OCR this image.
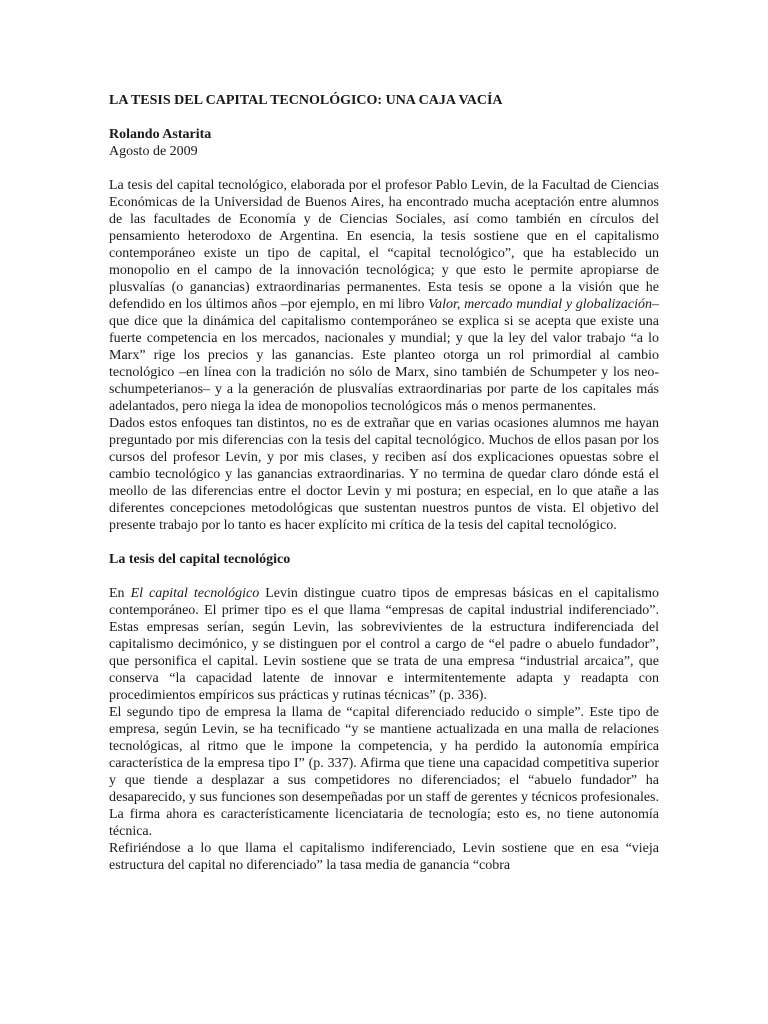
LA TESIS DEL CAPITAL TECNOLÓGICO: UNA CAJA VACÍA
Rolando Astarita
Agosto de 2009

La tesis del capital tecnológico, elaborada por el profesor Pablo Levin, de la Facultad de Ciencias Económicas de la Universidad de Buenos Aires, ha encontrado mucha aceptación entre alumnos de las facultades de Economía y de Ciencias Sociales, así como también en círculos del pensamiento heterodoxo de Argentina. En esencia, la tesis sostiene que en el capitalismo contemporáneo existe un tipo de capital, el “capital tecnológico”, que ha establecido un monopolio en el campo de la innovación tecnológica; y que esto le permite apropiarse de plusvalías (o ganancias) extraordinarias permanentes. Esta tesis se opone a la visión que he defendido en los últimos años –por ejemplo, en mi libro Valor, mercado mundial y globalización– que dice que la dinámica del capitalismo contemporáneo se explica si se acepta que existe una fuerte competencia en los mercados, nacionales y mundial; y que la ley del valor trabajo “a lo Marx” rige los precios y las ganancias. Este planteo otorga un rol primordial al cambio tecnológico –en línea con la tradición no sólo de Marx, sino también de Schumpeter y los neo-schumpeterianos– y a la generación de plusvalías extraordinarias por parte de los capitales más adelantados, pero niega la idea de monopolios tecnológicos más o menos permanentes.

Dados estos enfoques tan distintos, no es de extrañar que en varias ocasiones alumnos me hayan preguntado por mis diferencias con la tesis del capital tecnológico. Muchos de ellos pasan por los cursos del profesor Levin, y por mis clases, y reciben así dos explicaciones opuestas sobre el cambio tecnológico y las ganancias extraordinarias. Y no termina de quedar claro dónde está el meollo de las diferencias entre el doctor Levin y mi postura; en especial, en lo que atañe a las diferentes concepciones metodológicas que sustentan nuestros puntos de vista. El objetivo del presente trabajo por lo tanto es hacer explícito mi crítica de la tesis del capital tecnológico.

La tesis del capital tecnológico

En El capital tecnológico Levin distingue cuatro tipos de empresas básicas en el capitalismo contemporáneo. El primer tipo es el que llama “empresas de capital industrial indiferenciado”. Estas empresas serían, según Levin, las sobrevivientes de la estructura indiferenciada del capitalismo decimónico, y se distinguen por el control a cargo de “el padre o abuelo fundador”, que personifica el capital. Levin sostiene que se trata de una empresa “industrial arcaica”, que conserva “la capacidad latente de innovar e intermitentemente adapta y readapta con procedimientos empíricos sus prácticas y rutinas técnicas” (p. 336).

El segundo tipo de empresa la llama de “capital diferenciado reducido o simple”. Este tipo de empresa, según Levin, se ha tecnificado “y se mantiene actualizada en una malla de relaciones tecnológicas, al ritmo que le impone la competencia, y ha perdido la autonomía empírica característica de la empresa tipo I” (p. 337). Afirma que tiene una capacidad competitiva superior y que tiende a desplazar a sus competidores no diferenciados; el “abuelo fundador” ha desaparecido, y sus funciones son desempeñadas por un staff de gerentes y técnicos profesionales. La firma ahora es característicamente licenciataria de tecnología; esto es, no tiene autonomía técnica.

Refiriéndose a lo que llama el capitalismo indiferenciado, Levin sostiene que en esa “vieja estructura del capital no diferenciado” la tasa media de ganancia “cobra
